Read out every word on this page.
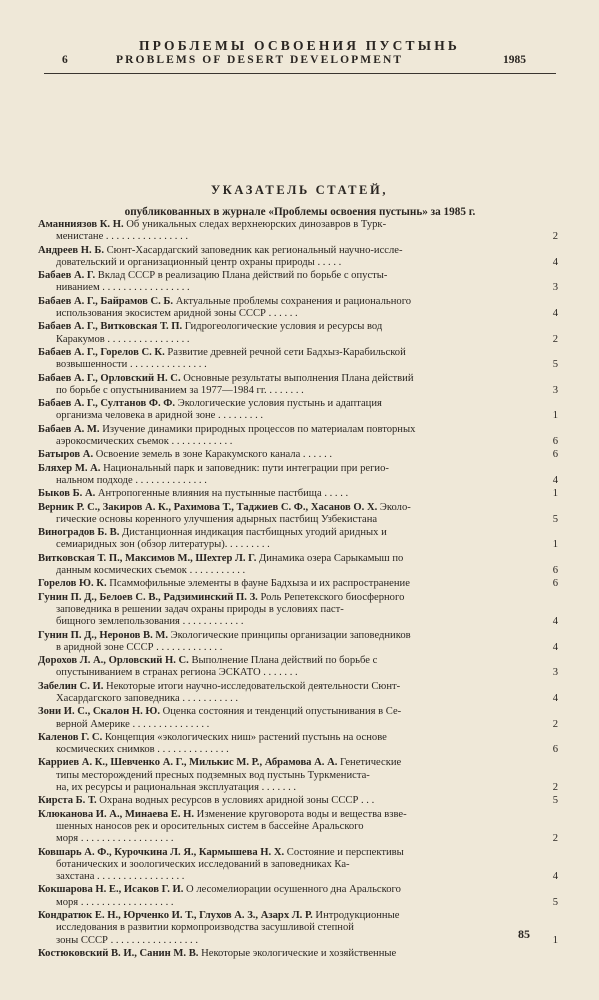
ПРОБЛЕМЫ ОСВОЕНИЯ ПУСТЫНЬ
6	PROBLEMS OF DESERT DEVELOPMENT	1985
УКАЗАТЕЛЬ СТАТЕЙ,
опубликованных в журнале «Проблемы освоения пустынь» за 1985 г.
Аманниязов К. Н. Об уникальных следах верхнеюрских динозавров в Турк-
менистане . . . . . . . . . . . . . . . .	2
Андреев Н. Б. Сюнт-Хасардагский заповедник как региональный научно-иссле-
довательский и организационный центр охраны природы . . . . .	4
Бабаев А. Г. Вклад СССР в реализацию Плана действий по борьбе с опусты-
ниванием . . . . . . . . . . . . . . . . .	3
Бабаев А. Г., Байрамов С. Б. Актуальные проблемы сохранения и рационального
использования экосистем аридной зоны СССР . . . . . .	4
Бабаев А. Г., Витковская Т. П. Гидрогеологические условия и ресурсы вод
Каракумов . . . . . . . . . . . . . . . .	2
Бабаев А. Г., Горелов С. К. Развитие древней речной сети Бадхыз-Карабильской
возвышенности . . . . . . . . . . . . . . .	5
Бабаев А. Г., Орловский Н. С. Основные результаты выполнения Плана действий
по борьбе с опустыниванием за 1977—1984 гг. . . . . . . .	3
Бабаев А. Г., Султанов Ф. Ф. Экологические условия пустынь и адаптация
организма человека в аридной зоне . . . . . . . . .	1
Бабаев А. М. Изучение динамики природных процессов по материалам повторных
аэрокосмических съемок . . . . . . . . . . . .	6
Батыров А. Освоение земель в зоне Каракумского канала . . . . . .	6
Бляхер М. А. Национальный парк и заповедник: пути интеграции при регио-
нальном подходе . . . . . . . . . . . . . .	4
Быков Б. А. Антропогенные влияния на пустынные пастбища . . . . .	1
Верник Р. С., Закиров А. К., Рахимова Т., Таджиев С. Ф., Хасанов О. Х. Эколо-
гические основы коренного улучшения адырных пастбищ Узбекистана	5
Виноградов Б. В. Дистанционная индикация пастбищных угодий аридных и
семиаридных зон (обзор литературы). . . . . . . . .	1
Витковская Т. П., Максимов М., Шехтер Л. Г. Динамика озера Сарыкамыш по
данным космических съемок . . . . . . . . . . .	6
Горелов Ю. К. Псаммофильные элементы в фауне Бадхыза и их распространение	6
Гунин П. Д., Белоев С. В., Радзиминский П. З. Роль Репетекского биосферного
заповедника в решении задач охраны природы в условиях паст-
бищного землепользования . . . . . . . . . . . .	4
Гунин П. Д., Неронов В. М. Экологические принципы организации заповедников
в аридной зоне СССР . . . . . . . . . . . . .	4
Дорохов Л. А., Орловский Н. С. Выполнение Плана действий по борьбе с
опустыниванием в странах регионa ЭСКАТО . . . . . . .	3
Забелин С. И. Некоторые итоги научно-исследовательской деятельности Сюнт-
Хасардагского заповедника . . . . . . . . . . .	4
Зони И. С., Скалон Н. Ю. Оценка состояния и тенденций опустынивания в Се-
верной Америке . . . . . . . . . . . . . . .	2
Каленов Г. С. Концепция «экологических ниш» растений пустынь на основе
космических снимков . . . . . . . . . . . . . .	6
Карриев А. К., Шевченко А. Г., Милькис М. Р., Абрамова А. А. Генетические
типы месторождений пресных подземных вод пустынь Туркмениста-
на, их ресурсы и рациональная эксплуатация . . . . . . .	2
Кирста Б. Т. Охрана водных ресурсов в условиях аридной зоны СССР . . .	5
Клюканова И. А., Минаева Е. Н. Изменение круговорота воды и вещества взве-
шенных наносов рек и оросительных систем в бассейне Аральского
моря . . . . . . . . . . . . . . . . . .	2
Ковшарь А. Ф., Курочкина Л. Я., Кармышева Н. Х. Состояние и перспективы
ботанических и зоологических исследований в заповедниках Ка-
захстана . . . . . . . . . . . . . . . . .	4
Кокшарова Н. Е., Исаков Г. И. О лесомелиорации осушенного дна Аральского
моря . . . . . . . . . . . . . . . . . .	5
Кондратюк Е. Н., Юрченко И. Т., Глухов А. З., Азарх Л. Р. Интродукционные
исследования в развитии кормопроизводства засушливой степной
зоны СССР . . . . . . . . . . . . . . . . .	1
Костюковский В. И., Санин М. В. Некоторые экологические и хозяйственные
85
